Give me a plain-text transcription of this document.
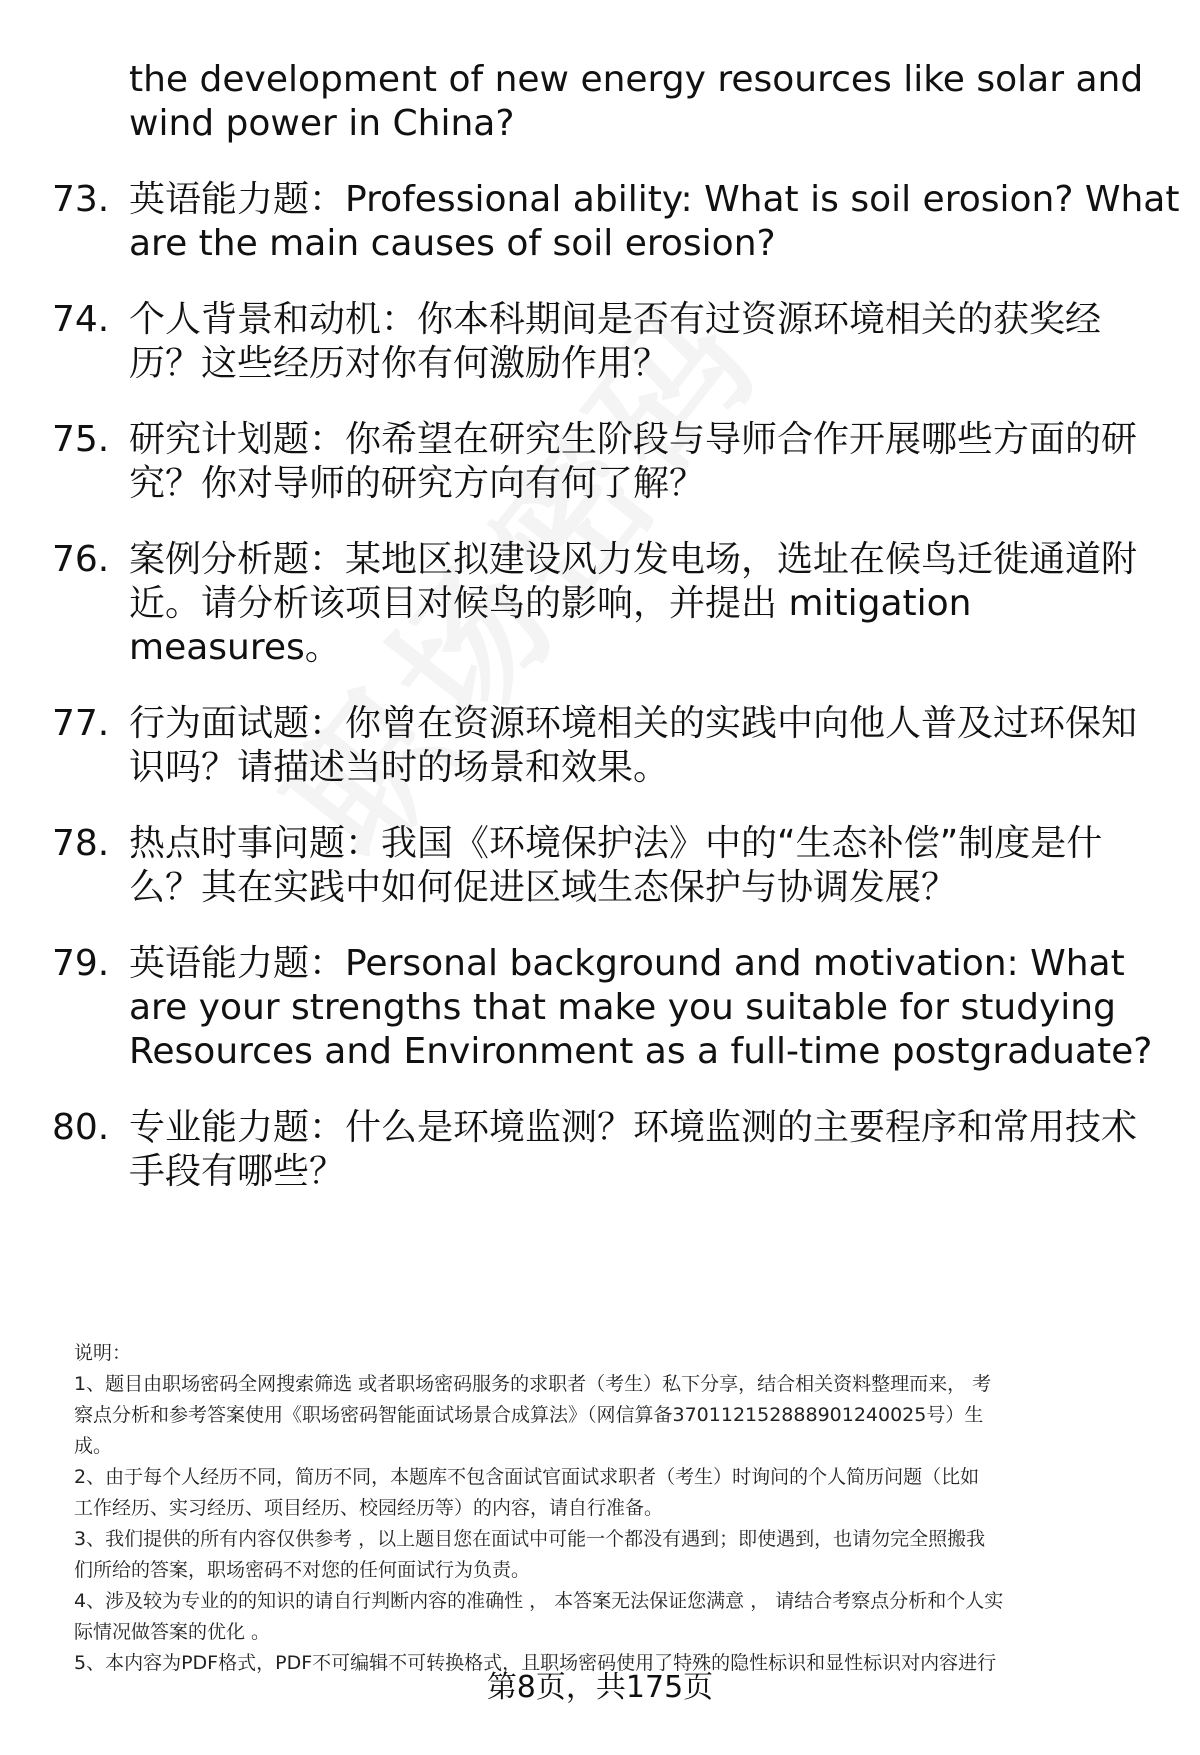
the development of new energy resources like solar and
wind power in China?
73. 英语能力题：Professional ability: What is soil erosion? What
are the main causes of soil erosion?
74. 个人背景和动机：你本科期间是否有过资源环境相关的获奖经
历？这些经历对你有何激励作用？
75. 研究计划题：你希望在研究生阶段与导师合作开展哪些方面的研
究？你对导师的研究方向有何了解？
76. 案例分析题：某地区拟建设风力发电场，选址在候鸟迁徙通道附
近。请分析该项目对候鸟的影响，并提出 mitigation
measures。
77. 行为面试题：你曾在资源环境相关的实践中向他人普及过环保知
识吗？请描述当时的场景和效果。
78. 热点时事问题：我国《环境保护法》中的“生态补偿”制度是什
么？其在实践中如何促进区域生态保护与协调发展？
79. 英语能力题：Personal background and motivation: What
are your strengths that make you suitable for studying
Resources and Environment as a full-time postgraduate?
80. 专业能力题：什么是环境监测？环境监测的主要程序和常用技术
手段有哪些？
说明：
1、题目由职场密码全网搜索筛选 或者职场密码服务的求职者（考生）私下分享，结合相关资料整理而来， 考
察点分析和参考答案使用《职场密码智能面试场景合成算法》（网信算备370112152888901240025号）生
成。
2、由于每个人经历不同，简历不同，本题库不包含面试官面试求职者（考生）时询问的个人简历问题（比如
工作经历、实习经历、项目经历、校园经历等）的内容，请自行准备。
3、我们提供的所有内容仅供参考 ，以上题目您在面试中可能一个都没有遇到；即使遇到，也请勿完全照搬我
们所给的答案，职场密码不对您的任何面试行为负责。
4、涉及较为专业的的知识的请自行判断内容的准确性 ， 本答案无法保证您满意 ， 请结合考察点分析和个人实
际情况做答案的优化 。
5、本内容为PDF格式，PDF不可编辑不可转换格式，且职场密码使用了特殊的隐性标识和显性标识对内容进行
第8页，共175页
